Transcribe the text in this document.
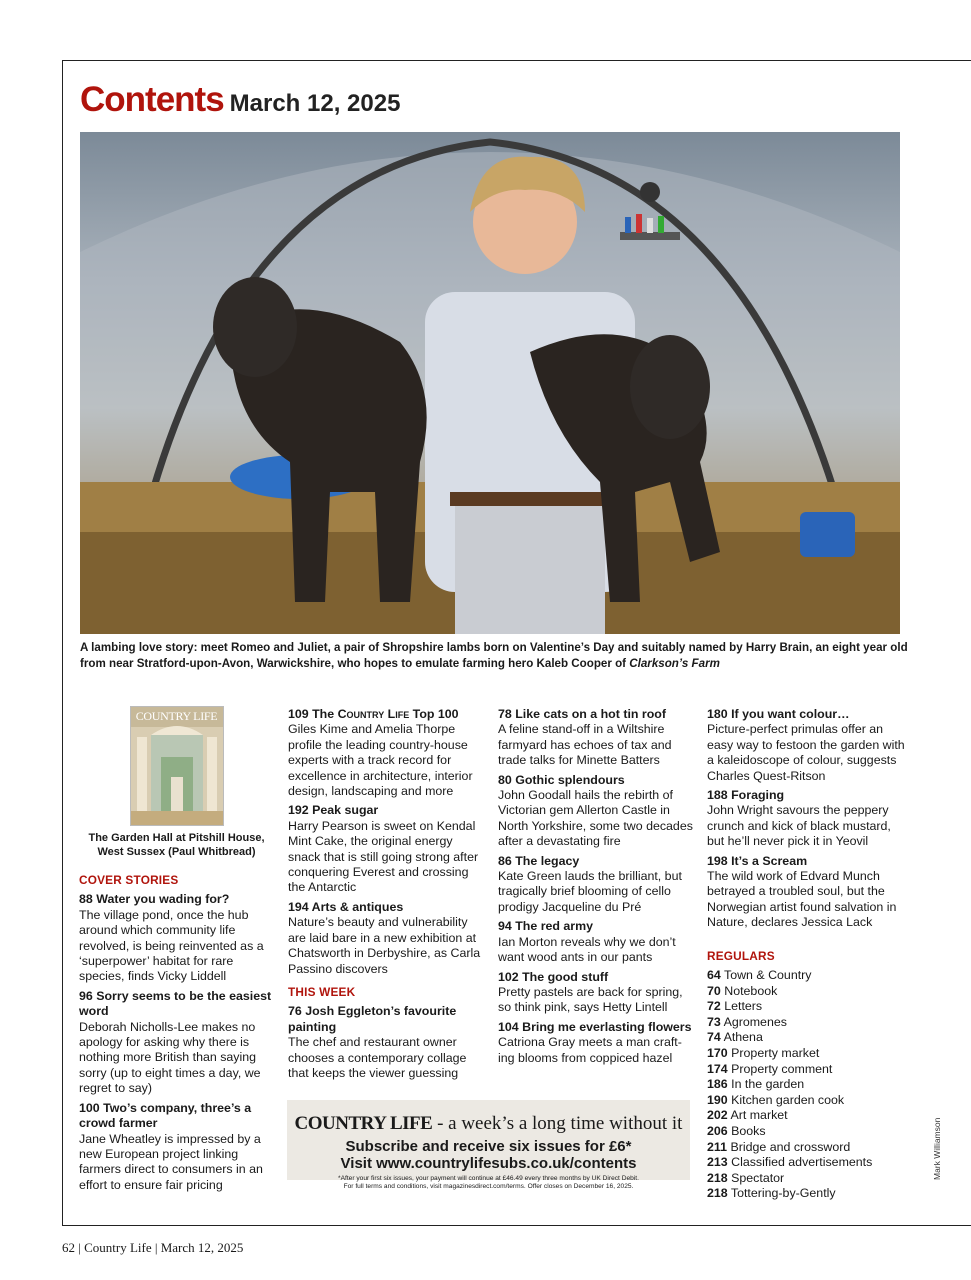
Contents March 12, 2025

A lambing love story: meet Romeo and Juliet, a pair of Shropshire lambs born on Valentine’s Day and suitably named by Harry Brain, an eight year old from near Stratford-upon-Avon, Warwickshire, who hopes to emulate farming hero Kaleb Cooper of Clarkson’s Farm

COUNTRY LIFE

The Garden Hall at Pitshill House, West Sussex (Paul Whitbread)

COVER STORIES
88 Water you wading for?
The village pond, once the hub around which community life revolved, is being reinvented as a ‘superpower’ habitat for rare species, finds Vicky Liddell
96 Sorry seems to be the easiest word
Deborah Nicholls-Lee makes no apology for asking why there is nothing more British than saying sorry (up to eight times a day, we regret to say)
100 Two’s company, three’s a crowd farmer
Jane Wheatley is impressed by a new European project linking farmers direct to consumers in an effort to ensure fair pricing
109 The Country Life Top 100
Giles Kime and Amelia Thorpe profile the leading country-house experts with a track record for excellence in architecture, interior design, landscaping and more
192 Peak sugar
Harry Pearson is sweet on Kendal Mint Cake, the original energy snack that is still going strong after conquering Everest and crossing the Antarctic
194 Arts & antiques
Nature’s beauty and vulnerability are laid bare in a new exhibition at Chatsworth in Derbyshire, as Carla Passino discovers
THIS WEEK
76 Josh Eggleton’s favourite painting
The chef and restaurant owner chooses a contemporary collage that keeps the viewer guessing
78 Like cats on a hot tin roof
A feline stand-off in a Wiltshire farmyard has echoes of tax and trade talks for Minette Batters
80 Gothic splendours
John Goodall hails the rebirth of Victorian gem Allerton Castle in North Yorkshire, some two decades after a devastating fire
86 The legacy
Kate Green lauds the brilliant, but tragically brief blooming of cello prodigy Jacqueline du Pré
94 The red army
Ian Morton reveals why we don’t want wood ants in our pants
102 The good stuff
Pretty pastels are back for spring, so think pink, says Hetty Lintell
104 Bring me everlasting flowers
Catriona Gray meets a man craft-ing blooms from coppiced hazel
180 If you want colour…
Picture-perfect primulas offer an easy way to festoon the garden with a kaleidoscope of colour, suggests Charles Quest-Ritson
188 Foraging
John Wright savours the peppery crunch and kick of black mustard, but he’ll never pick it in Yeovil
198 It’s a Scream
The wild work of Edvard Munch betrayed a troubled soul, but the Norwegian artist found salvation in Nature, declares Jessica Lack
REGULARS
64 Town & Country
70 Notebook
72 Letters
73 Agromenes
74 Athena
170 Property market
174 Property comment
186 In the garden
190 Kitchen garden cook
202 Art market
206 Books
211 Bridge and crossword
213 Classified advertisements
218 Spectator
218 Tottering-by-Gently
COUNTRY LIFE - a week’s a long time without it
Subscribe and receive six issues for £6*
Visit www.countrylifesubs.co.uk/contents
*After your first six issues, your payment will continue at £46.49 every three months by UK Direct Debit.
For full terms and conditions, visit magazinesdirect.com/terms. Offer closes on December 16, 2025.
Mark Williamson
62 | Country Life | March 12, 2025
